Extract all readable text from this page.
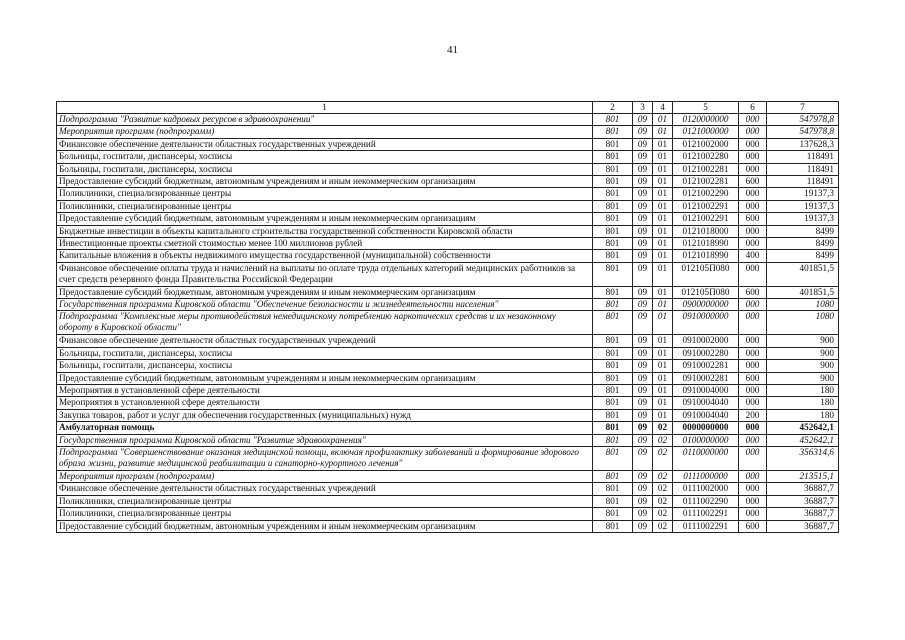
41
1	2	3	4	5	6	7
Подпрограмма "Развитие кадровых ресурсов в здравоохранении"	801	09	01	0120000000	000	547978,8
Мероприятия программ (подпрограмм)	801	09	01	0121000000	000	547978,8
Финансовое обеспечение деятельности областных государственных учреждений	801	09	01	0121002000	000	137628,3
Больницы, госпитали, диспансеры, хосписы	801	09	01	0121002280	000	118491
Больницы, госпитали, диспансеры, хосписы	801	09	01	0121002281	000	118491
Предоставление субсидий бюджетным, автономным учреждениям и иным некоммерческим организациям	801	09	01	0121002281	600	118491
Поликлиники, специализированные центры	801	09	01	0121002290	000	19137,3
Поликлиники, специализированные центры	801	09	01	0121002291	000	19137,3
Предоставление субсидий бюджетным, автономным учреждениям и иным некоммерческим организациям	801	09	01	0121002291	600	19137,3
Бюджетные инвестиции в объекты капитального строительства государственной собственности Кировской области	801	09	01	0121018000	000	8499
Инвестиционные проекты сметной стоимостью менее 100 миллионов рублей	801	09	01	0121018990	000	8499
Капитальные вложения в объекты недвижимого имущества государственной (муниципальной) собственности	801	09	01	0121018990	400	8499
Финансовое обеспечение оплаты труда и начислений на выплаты по оплате труда отдельных категорий медицинских работников за счет средств резервного фонда Правительства Российской Федерации	801	09	01	012105П080	000	401851,5
Предоставление субсидий бюджетным, автономным учреждениям и иным некоммерческим организациям	801	09	01	012105П080	600	401851,5
Государственная программа Кировской области "Обеспечение безопасности и жизнедеятельности населения"	801	09	01	0900000000	000	1080
Подпрограмма "Комплексные меры противодействия немедицинскому потреблению наркотических средств и их незаконному обороту в Кировской области"	801	09	01	0910000000	000	1080
Финансовое обеспечение деятельности областных государственных учреждений	801	09	01	0910002000	000	900
Больницы, госпитали, диспансеры, хосписы	801	09	01	0910002280	000	900
Больницы, госпитали, диспансеры, хосписы	801	09	01	0910002281	000	900
Предоставление субсидий бюджетным, автономным учреждениям и иным некоммерческим организациям	801	09	01	0910002281	600	900
Мероприятия в установленной сфере деятельности	801	09	01	0910004000	000	180
Мероприятия в установленной сфере деятельности	801	09	01	0910004040	000	180
Закупка товаров, работ и услуг для обеспечения государственных (муниципальных) нужд	801	09	01	0910004040	200	180
Амбулаторная помощь	801	09	02	0000000000	000	452642,1
Государственная программа Кировской области "Развитие здравоохранения"	801	09	02	0100000000	000	452642,1
Подпрограмма "Совершенствование оказания медицинской помощи, включая профилактику заболеваний и формирование здорового образа жизни, развитие медицинской реабилитации и санаторно-курортного лечения"	801	09	02	0110000000	000	356314,6
Мероприятия программ (подпрограмм)	801	09	02	0111000000	000	213515,1
Финансовое обеспечение деятельности областных государственных учреждений	801	09	02	0111002000	000	36887,7
Поликлиники, специализированные центры	801	09	02	0111002290	000	36887,7
Поликлиники, специализированные центры	801	09	02	0111002291	000	36887,7
Предоставление субсидий бюджетным, автономным учреждениям и иным некоммерческим организациям	801	09	02	0111002291	600	36887,7
